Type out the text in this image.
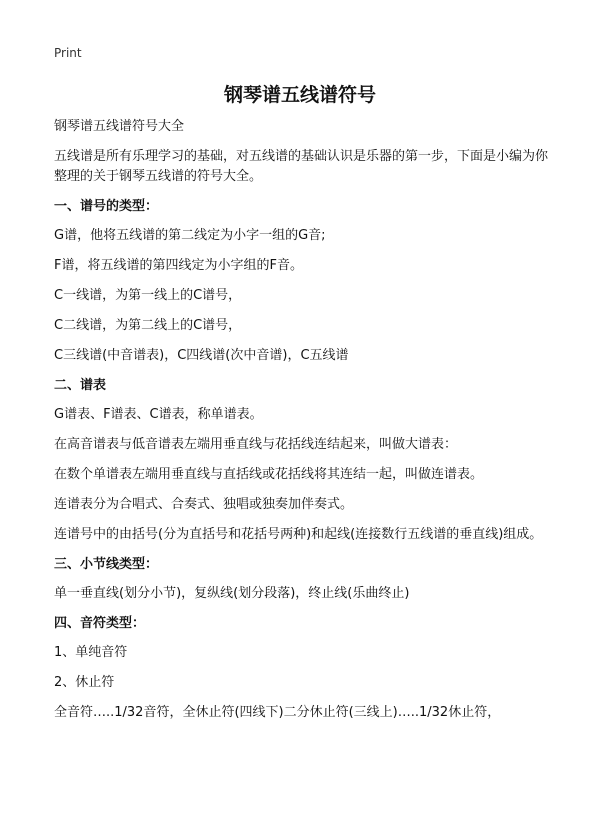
Print
钢琴谱五线谱符号

钢琴谱五线谱符号大全

五线谱是所有乐理学习的基础，对五线谱的基础认识是乐器的第一步，下面是小编为你整理的关于钢琴五线谱的符号大全。

一、谱号的类型：

G谱，他将五线谱的第二线定为小字一组的G音;

F谱，将五线谱的第四线定为小字组的F音。

C一线谱，为第一线上的C谱号，

C二线谱，为第二线上的C谱号，

C三线谱(中音谱表)，C四线谱(次中音谱)，C五线谱

二、谱表

G谱表、F谱表、C谱表，称单谱表。

在高音谱表与低音谱表左端用垂直线与花括线连结起来，叫做大谱表：

在数个单谱表左端用垂直线与直括线或花括线将其连结一起，叫做连谱表。

连谱表分为合唱式、合奏式、独唱或独奏加伴奏式。

连谱号中的由括号(分为直括号和花括号两种)和起线(连接数行五线谱的垂直线)组成。

三、小节线类型：

单一垂直线(划分小节)，复纵线(划分段落)，终止线(乐曲终止)

四、音符类型：

1、单纯音符

2、休止符

全音符…..1/32音符，全休止符(四线下)二分休止符(三线上)…..1/32休止符，
